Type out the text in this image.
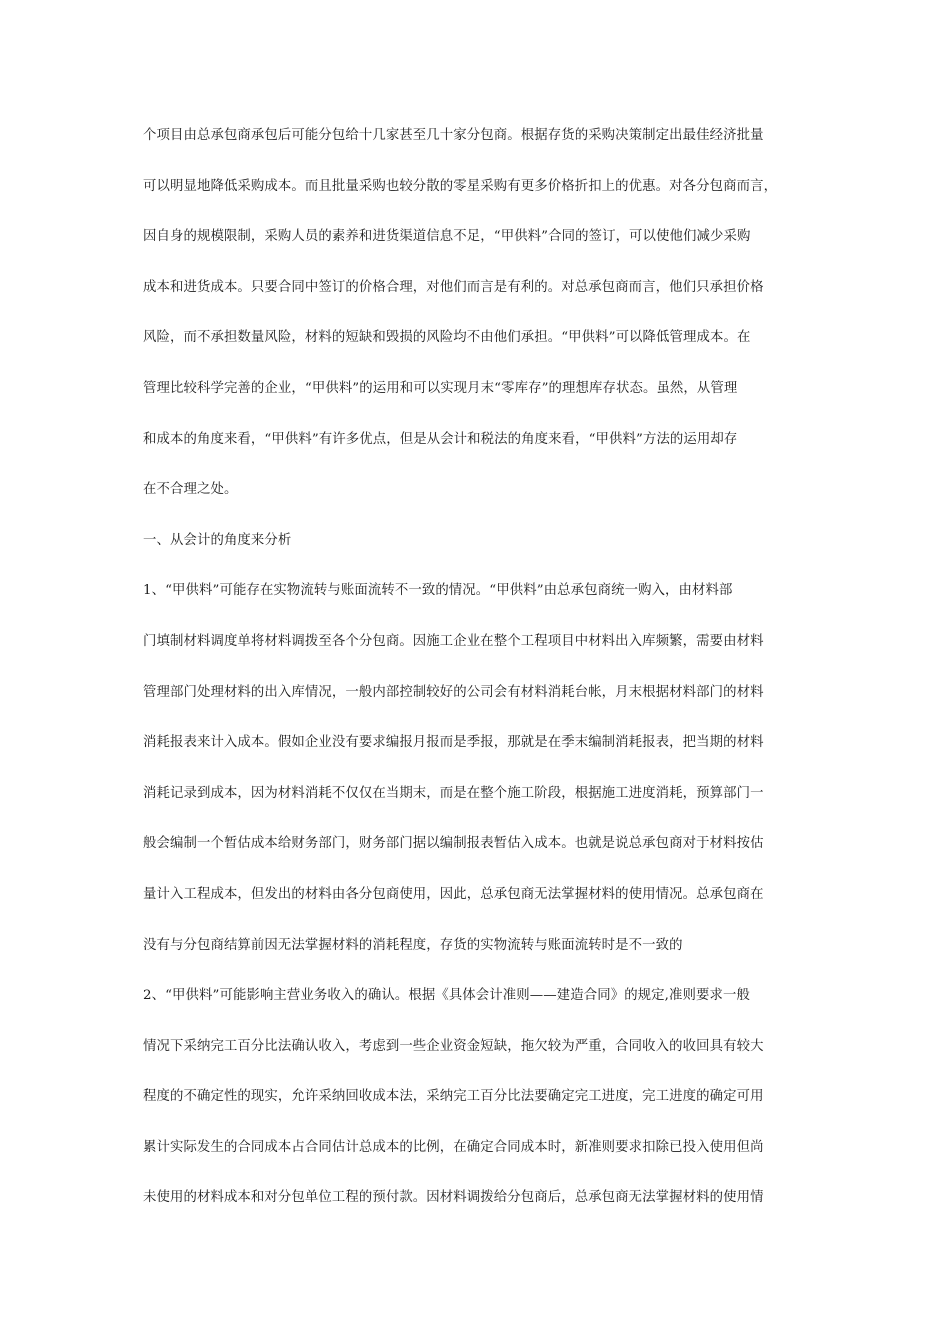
个项目由总承包商承包后可能分包给十几家甚至几十家分包商。根据存货的采购决策制定出最佳经济批量
可以明显地降低采购成本。而且批量采购也较分散的零星采购有更多价格折扣上的优惠。对各分包商而言，
因自身的规模限制，采购人员的素养和进货渠道信息不足，“甲供料”合同的签订，可以使他们减少采购
成本和进货成本。只要合同中签订的价格合理，对他们而言是有利的。对总承包商而言，他们只承担价格
风险，而不承担数量风险，材料的短缺和毁损的风险均不由他们承担。“甲供料”可以降低管理成本。在
管理比较科学完善的企业，“甲供料”的运用和可以实现月末“零库存”的理想库存状态。虽然，从管理
和成本的角度来看，“甲供料”有许多优点，但是从会计和税法的角度来看，“甲供料”方法的运用却存
在不合理之处。
一、从会计的角度来分析
1、“甲供料”可能存在实物流转与账面流转不一致的情况。“甲供料”由总承包商统一购入，由材料部
门填制材料调度单将材料调拨至各个分包商。因施工企业在整个工程项目中材料出入库频繁，需要由材料
管理部门处理材料的出入库情况，一般内部控制较好的公司会有材料消耗台帐，月末根据材料部门的材料
消耗报表来计入成本。假如企业没有要求编报月报而是季报，那就是在季末编制消耗报表，把当期的材料
消耗记录到成本，因为材料消耗不仅仅在当期末，而是在整个施工阶段，根据施工进度消耗，预算部门一
般会编制一个暂估成本给财务部门，财务部门据以编制报表暂估入成本。也就是说总承包商对于材料按估
量计入工程成本，但发出的材料由各分包商使用，因此，总承包商无法掌握材料的使用情况。总承包商在
没有与分包商结算前因无法掌握材料的消耗程度，存货的实物流转与账面流转时是不一致的
2、“甲供料”可能影响主营业务收入的确认。根据《具体会计准则——建造合同》的规定,准则要求一般
情况下采纳完工百分比法确认收入，考虑到一些企业资金短缺，拖欠较为严重，合同收入的收回具有较大
程度的不确定性的现实，允许采纳回收成本法，采纳完工百分比法要确定完工进度，完工进度的确定可用
累计实际发生的合同成本占合同估计总成本的比例，在确定合同成本时，新准则要求扣除已投入使用但尚
未使用的材料成本和对分包单位工程的预付款。因材料调拨给分包商后，总承包商无法掌握材料的使用情
